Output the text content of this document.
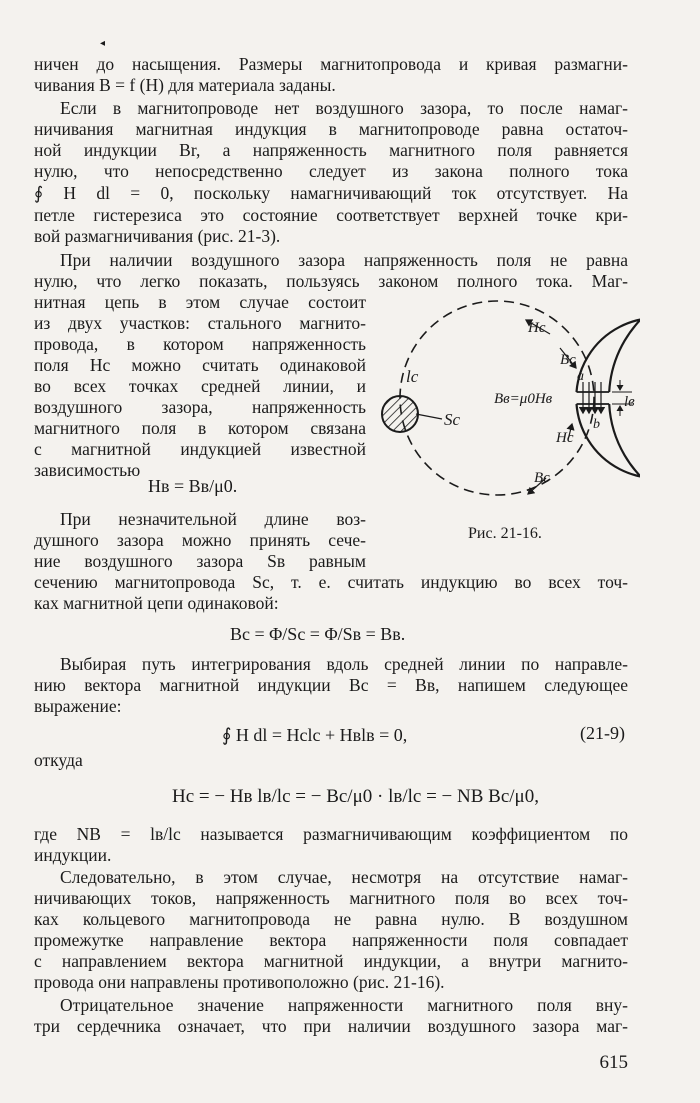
◂
ничен до насыщения. Размеры магнитопровода и кривая размагни-
чивания B = f (H) для материала заданы.
Если в магнитопроводе нет воздушного зазора, то после намаг-
ничивания магнитная индукция в магнитопроводе равна остаточ-
ной индукции Br, а напряженность магнитного поля равняется
нулю, что непосредственно следует из закона полного тока
∮ H dl = 0, поскольку намагничивающий ток отсутствует. На
петле гистерезиса это состояние соответствует верхней точке кри-
вой размагничивания (рис. 21-3).
При наличии воздушного зазора напряженность поля не равна
нулю, что легко показать, пользуясь законом полного тока. Маг-
нитная цепь в этом случае состоит
из двух участков: стального магнито-
провода, в котором напряженность
поля Hс можно считать одинаковой
во всех точках средней линии, и
воздушного зазора, напряженность
магнитного поля в котором связана
с магнитной индукцией известной
зависимостью
Hв = Bв/μ0.
При незначительной длине воз-
душного зазора можно принять сече-
ние воздушного зазора Sв равным
сечению магнитопровода Sс, т. е. считать индукцию во всех точ-
ках магнитной цепи одинаковой:
Bс = Φ/Sс = Φ/Sв = Bв.
Выбирая путь интегрирования вдоль средней линии по направле-
нию вектора магнитной индукции Bс = Bв, напишем следующее
выражение:
∮ H dl = Hсlс + Hвlв = 0,	(21-9)
откуда
Hс = − Hв lв/lс = − Bс/μ0 · lв/lс = − NB Bс/μ0,
где NB = lв/lс называется размагничивающим коэффициентом по
индукции.
Следовательно, в этом случае, несмотря на отсутствие намаг-
ничивающих токов, напряженность магнитного поля во всех точ-
ках кольцевого магнитопровода не равна нулю. В воздушном
промежутке направление вектора напряженности поля совпадает
с направлением вектора магнитной индукции, а внутри магнито-
провода они направлены противоположно (рис. 21-16).
Отрицательное значение напряженности магнитного поля вну-
три сердечника означает, что при наличии воздушного зазора маг-
Hс
Bс
lс
Sс
a
Bв=μ0Hв	lв
b
Hс
Bс
Рис. 21-16.
615
